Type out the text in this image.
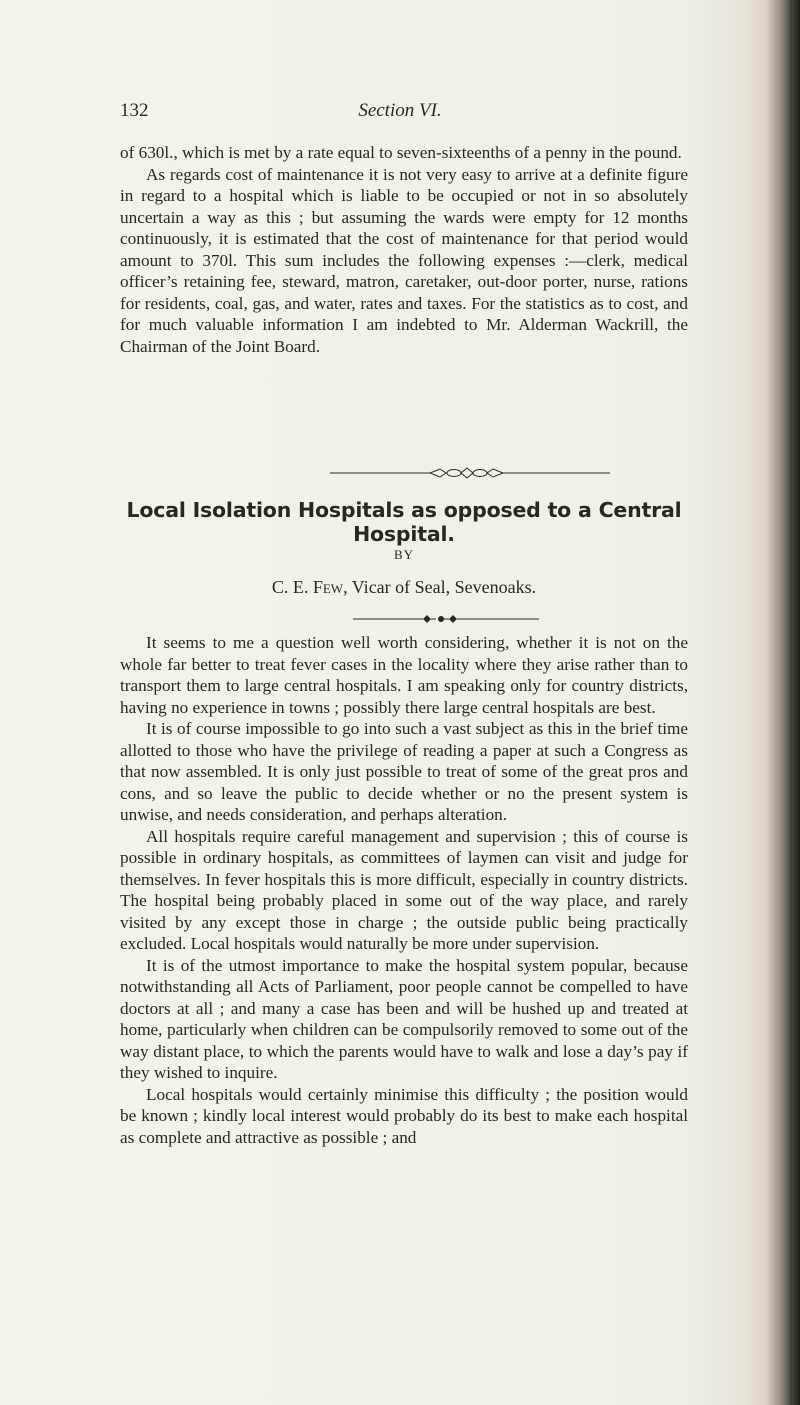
132	Section VI.

of 630l., which is met by a rate equal to seven-sixteenths of a penny in the pound.

As regards cost of maintenance it is not very easy to arrive at a definite figure in regard to a hospital which is liable to be occupied or not in so absolutely uncertain a way as this ; but assuming the wards were empty for 12 months continuously, it is estimated that the cost of maintenance for that period would amount to 370l. This sum includes the following expenses :—clerk, medical officer’s retaining fee, steward, matron, caretaker, out-door porter, nurse, rations for residents, coal, gas, and water, rates and taxes. For the statistics as to cost, and for much valuable information I am indebted to Mr. Alderman Wackrill, the Chairman of the Joint Board.

Local Isolation Hospitals as opposed to a Central Hospital.
BY
C. E. Few, Vicar of Seal, Sevenoaks.

It seems to me a question well worth considering, whether it is not on the whole far better to treat fever cases in the locality where they arise rather than to transport them to large central hospitals. I am speaking only for country districts, having no experience in towns ; possibly there large central hospitals are best.

It is of course impossible to go into such a vast subject as this in the brief time allotted to those who have the privilege of reading a paper at such a Congress as that now assembled. It is only just possible to treat of some of the great pros and cons, and so leave the public to decide whether or no the present system is unwise, and needs consideration, and perhaps alteration.

All hospitals require careful management and supervision ; this of course is possible in ordinary hospitals, as committees of laymen can visit and judge for themselves. In fever hospitals this is more difficult, especially in country districts. The hospital being probably placed in some out of the way place, and rarely visited by any except those in charge ; the outside public being practically excluded. Local hospitals would naturally be more under supervision.

It is of the utmost importance to make the hospital system popular, because notwithstanding all Acts of Parliament, poor people cannot be compelled to have doctors at all ; and many a case has been and will be hushed up and treated at home, particularly when children can be compulsorily removed to some out of the way distant place, to which the parents would have to walk and lose a day’s pay if they wished to inquire.

Local hospitals would certainly minimise this difficulty ; the position would be known ; kindly local interest would probably do its best to make each hospital as complete and attractive as possible ; and
